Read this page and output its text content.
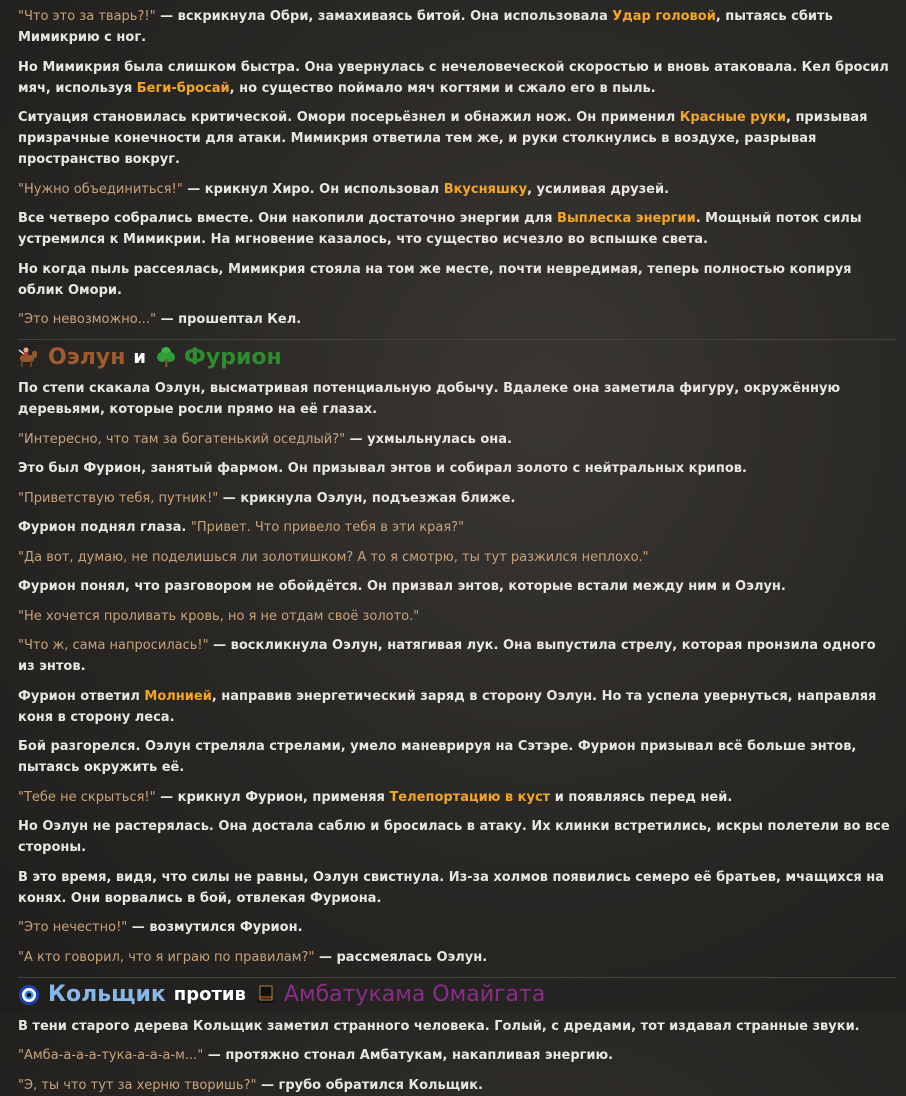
"Что это за тварь?!" — вскрикнула Обри, замахиваясь битой. Она использовала Удар головой, пытаясь сбить Мимикрию с ног.

Но Мимикрия была слишком быстра. Она увернулась с нечеловеческой скоростью и вновь атаковала. Кел бросил мяч, используя Беги-бросай, но существо поймало мяч когтями и сжало его в пыль.

Ситуация становилась критической. Омори посерьёзнел и обнажил нож. Он применил Красные руки, призывая призрачные конечности для атаки. Мимикрия ответила тем же, и руки столкнулись в воздухе, разрывая пространство вокруг.

"Нужно объединиться!" — крикнул Хиро. Он использовал Вкусняшку, усиливая друзей.

Все четверо собрались вместе. Они накопили достаточно энергии для Выплеска энергии. Мощный поток силы устремился к Мимикрии. На мгновение казалось, что существо исчезло во вспышке света.

Но когда пыль рассеялась, Мимикрия стояла на том же месте, почти невредимая, теперь полностью копируя облик Омори.

"Это невозможно..." — прошептал Кел.

Оэлун и Фурион

По степи скакала Оэлун, высматривая потенциальную добычу. Вдалеке она заметила фигуру, окружённую деревьями, которые росли прямо на её глазах.

"Интересно, что там за богатенький оседлый?" — ухмыльнулась она.

Это был Фурион, занятый фармом. Он призывал энтов и собирал золото с нейтральных крипов.

"Приветствую тебя, путник!" — крикнула Оэлун, подъезжая ближе.

Фурион поднял глаза. "Привет. Что привело тебя в эти края?"

"Да вот, думаю, не поделишься ли золотишком? А то я смотрю, ты тут разжился неплохо."

Фурион понял, что разговором не обойдётся. Он призвал энтов, которые встали между ним и Оэлун.

"Не хочется проливать кровь, но я не отдам своё золото."

"Что ж, сама напросилась!" — воскликнула Оэлун, натягивая лук. Она выпустила стрелу, которая пронзила одного из энтов.

Фурион ответил Молнией, направив энергетический заряд в сторону Оэлун. Но та успела увернуться, направляя коня в сторону леса.

Бой разгорелся. Оэлун стреляла стрелами, умело маневрируя на Сэтэре. Фурион призывал всё больше энтов, пытаясь окружить её.

"Тебе не скрыться!" — крикнул Фурион, применяя Телепортацию в куст и появляясь перед ней.

Но Оэлун не растерялась. Она достала саблю и бросилась в атаку. Их клинки встретились, искры полетели во все стороны.

В это время, видя, что силы не равны, Оэлун свистнула. Из-за холмов появились семеро её братьев, мчащихся на конях. Они ворвались в бой, отвлекая Фуриона.

"Это нечестно!" — возмутился Фурион.

"А кто говорил, что я играю по правилам?" — рассмеялась Оэлун.

Кольщик против Амбатукама Омайгата

В тени старого дерева Кольщик заметил странного человека. Голый, с дредами, тот издавал странные звуки.

"Амба-а-а-а-тука-а-а-а-м..." — протяжно стонал Амбатукам, накапливая энергию.

"Э, ты что тут за херню творишь?" — грубо обратился Кольщик.
